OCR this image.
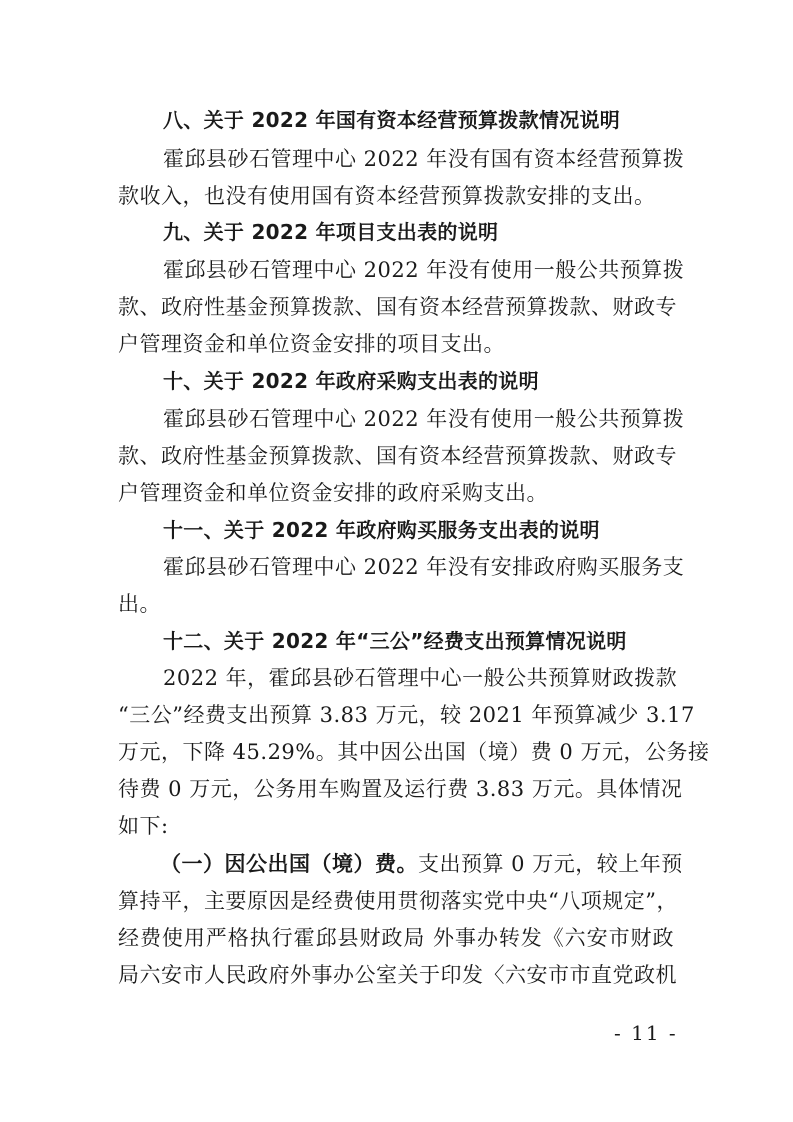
八、关于 2022 年国有资本经营预算拨款情况说明
霍邱县砂石管理中心 2022 年没有国有资本经营预算拨
款收入，也没有使用国有资本经营预算拨款安排的支出。
九、关于 2022 年项目支出表的说明
霍邱县砂石管理中心 2022 年没有使用一般公共预算拨
款、政府性基金预算拨款、国有资本经营预算拨款、财政专
户管理资金和单位资金安排的项目支出。
十、关于 2022 年政府采购支出表的说明
霍邱县砂石管理中心 2022 年没有使用一般公共预算拨
款、政府性基金预算拨款、国有资本经营预算拨款、财政专
户管理资金和单位资金安排的政府采购支出。
十一、关于 2022 年政府购买服务支出表的说明
霍邱县砂石管理中心 2022 年没有安排政府购买服务支
出。
十二、关于 2022 年“三公”经费支出预算情况说明
2022 年，霍邱县砂石管理中心一般公共预算财政拨款
“三公”经费支出预算 3.83 万元，较 2021 年预算减少 3.17
万元，下降 45.29%。其中因公出国（境）费 0 万元，公务接
待费 0 万元，公务用车购置及运行费 3.83 万元。具体情况
如下:
（一）因公出国（境）费。支出预算 0 万元，较上年预
算持平，主要原因是经费使用贯彻落实党中央“八项规定”，
经费使用严格执行霍邱县财政局 外事办转发《六安市财政
局六安市人民政府外事办公室关于印发〈六安市市直党政机
- 11 -
